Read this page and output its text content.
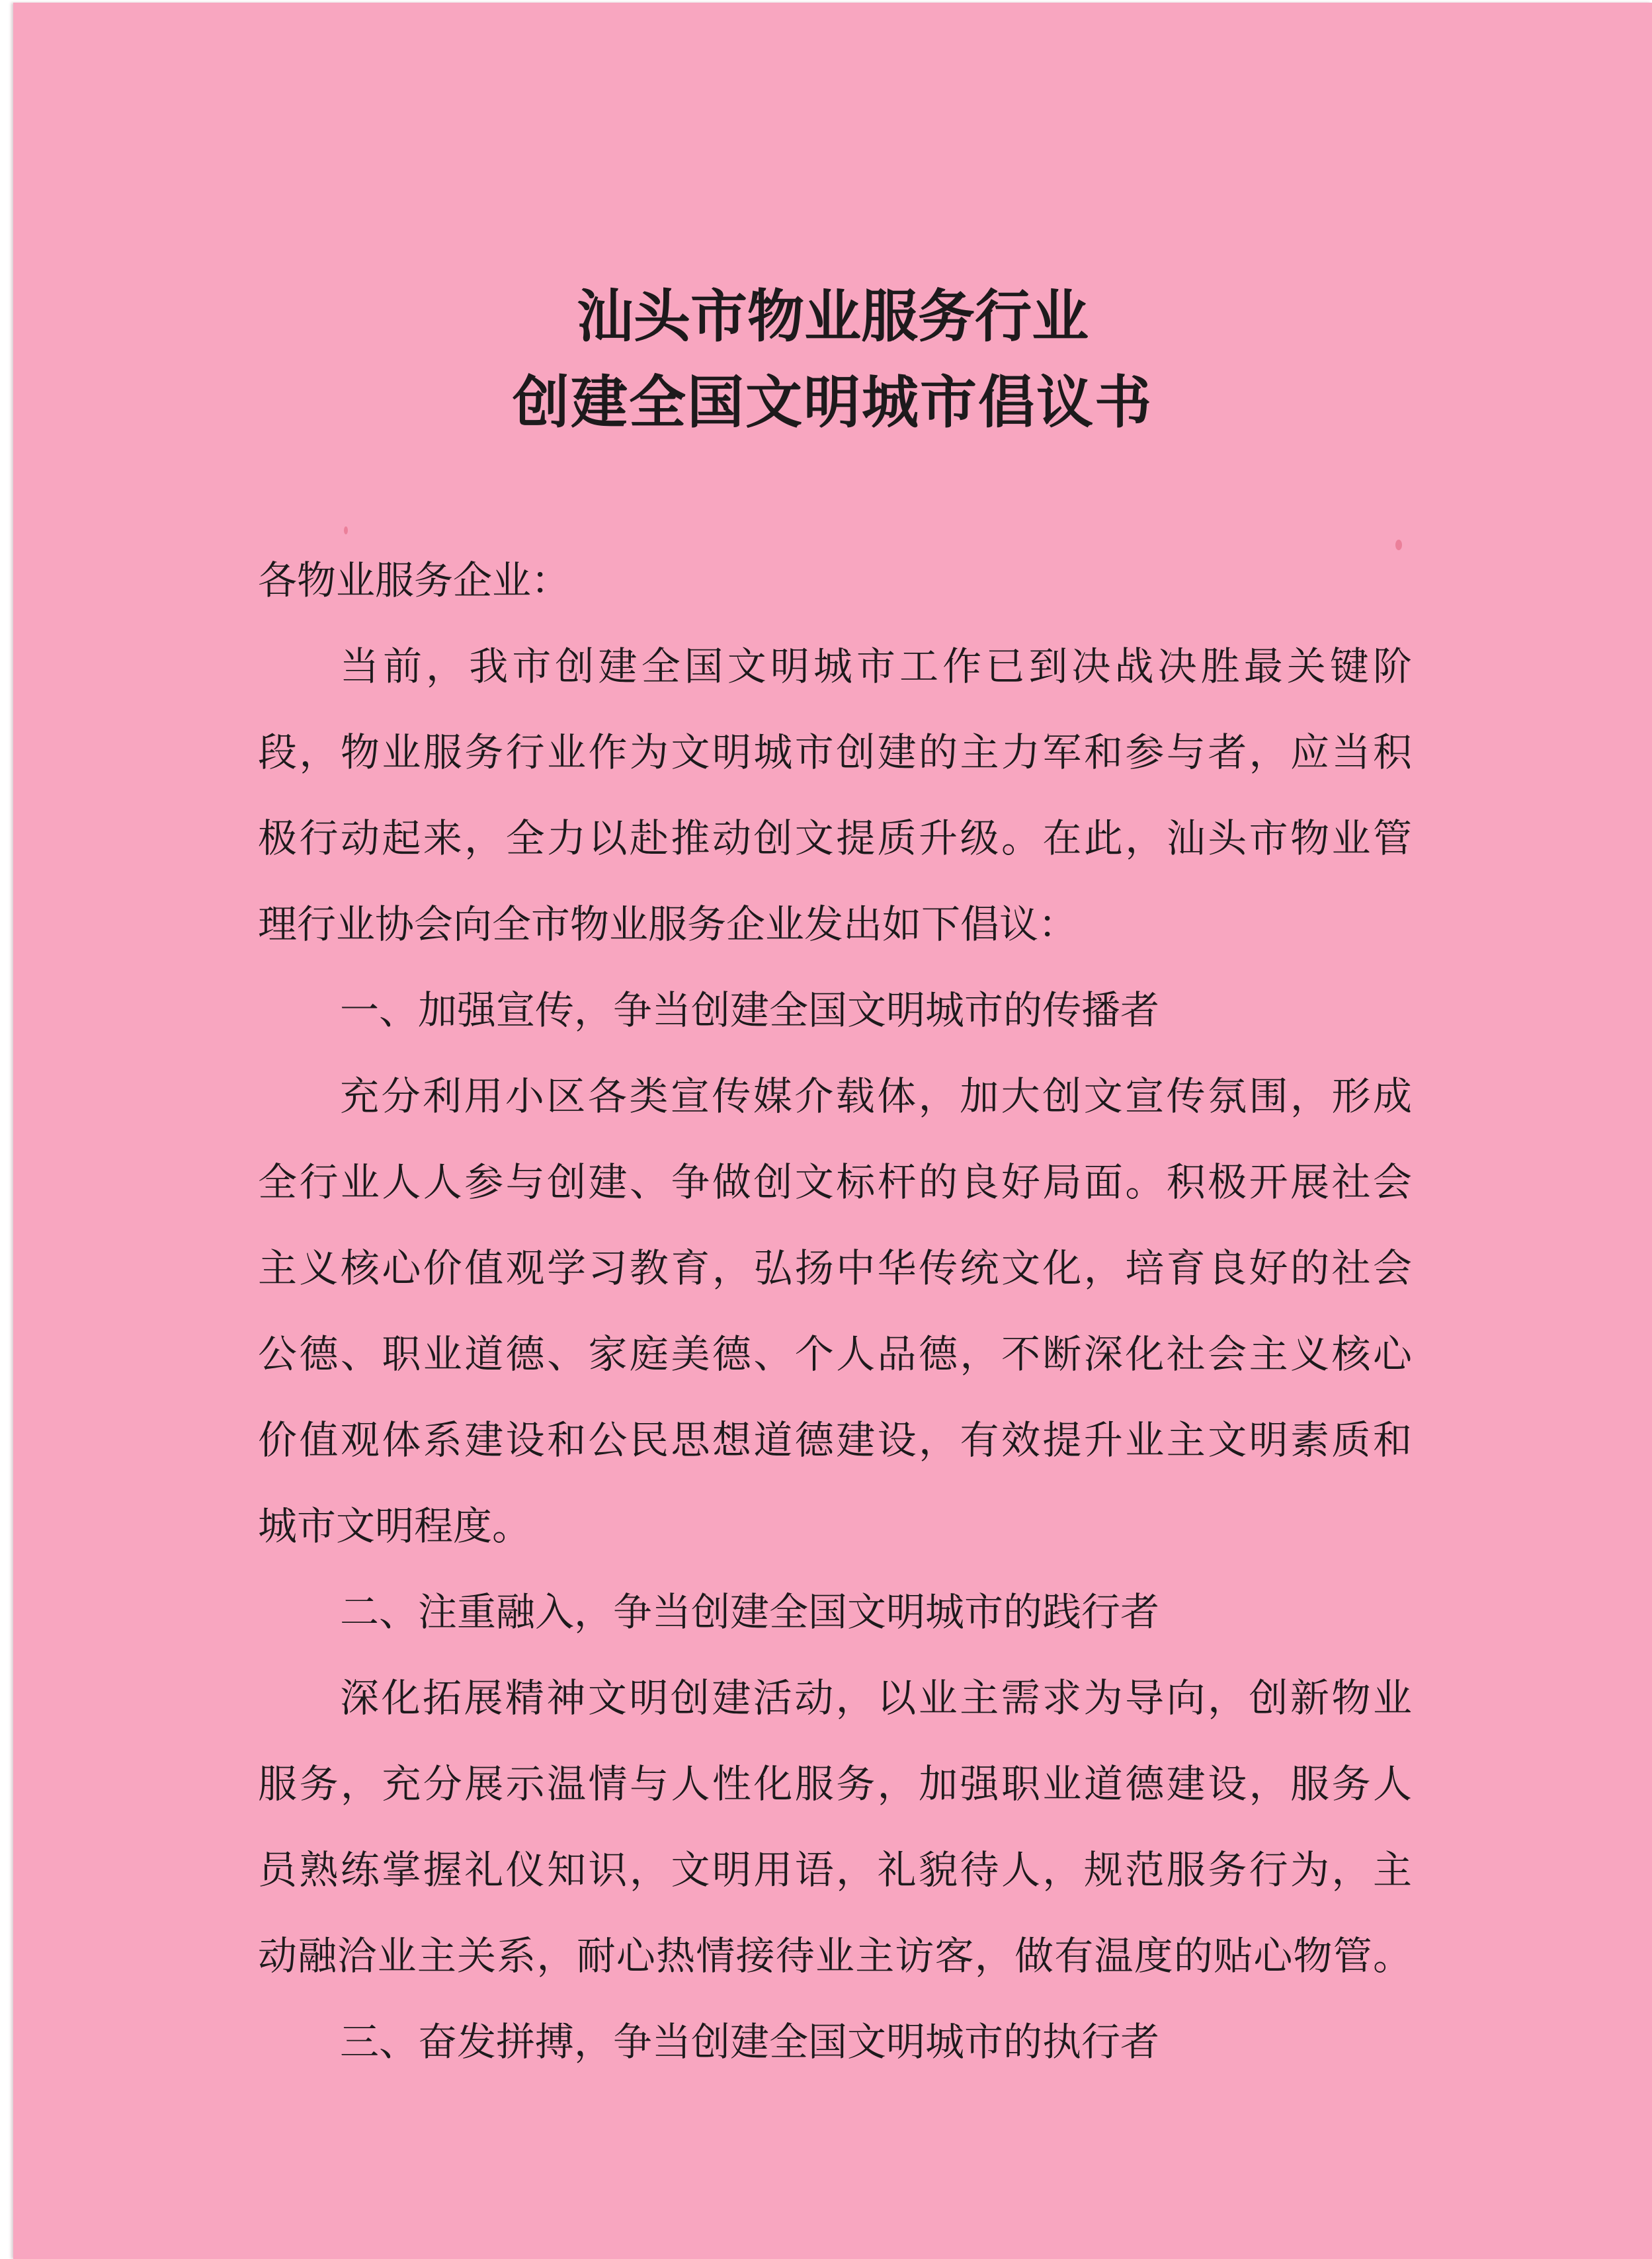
汕头市物业服务行业
创建全国文明城市倡议书
各物业服务企业：
当前，我市创建全国文明城市工作已到决战决胜最关键阶
段，物业服务行业作为文明城市创建的主力军和参与者，应当积
极行动起来，全力以赴推动创文提质升级。在此，汕头市物业管
理行业协会向全市物业服务企业发出如下倡议：
一、加强宣传，争当创建全国文明城市的传播者
充分利用小区各类宣传媒介载体，加大创文宣传氛围，形成
全行业人人参与创建、争做创文标杆的良好局面。积极开展社会
主义核心价值观学习教育，弘扬中华传统文化，培育良好的社会
公德、职业道德、家庭美德、个人品德，不断深化社会主义核心
价值观体系建设和公民思想道德建设，有效提升业主文明素质和
城市文明程度。
二、注重融入，争当创建全国文明城市的践行者
深化拓展精神文明创建活动，以业主需求为导向，创新物业
服务，充分展示温情与人性化服务，加强职业道德建设，服务人
员熟练掌握礼仪知识，文明用语，礼貌待人，规范服务行为，主
动融洽业主关系，耐心热情接待业主访客，做有温度的贴心物管。
三、奋发拼搏，争当创建全国文明城市的执行者
